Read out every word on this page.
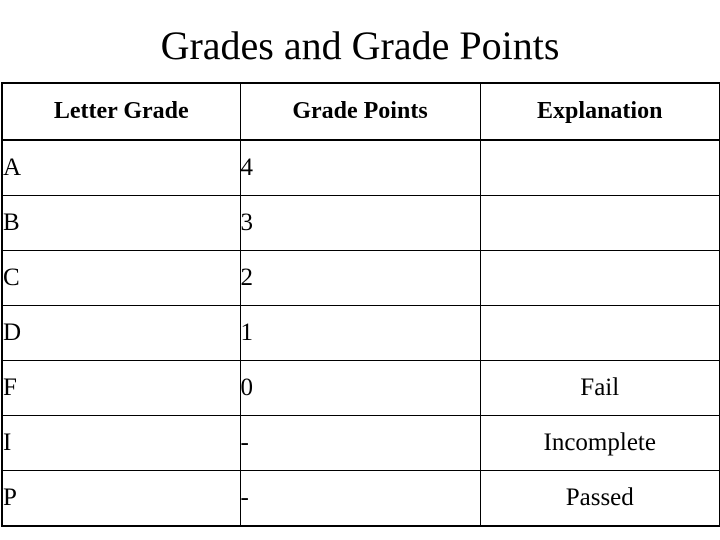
Grades and Grade Points
Letter Grade	Grade Points	Explanation
A	4	
B	3	
C	2	
D	1	
F	0	Fail
I	-	Incomplete
P	-	Passed
